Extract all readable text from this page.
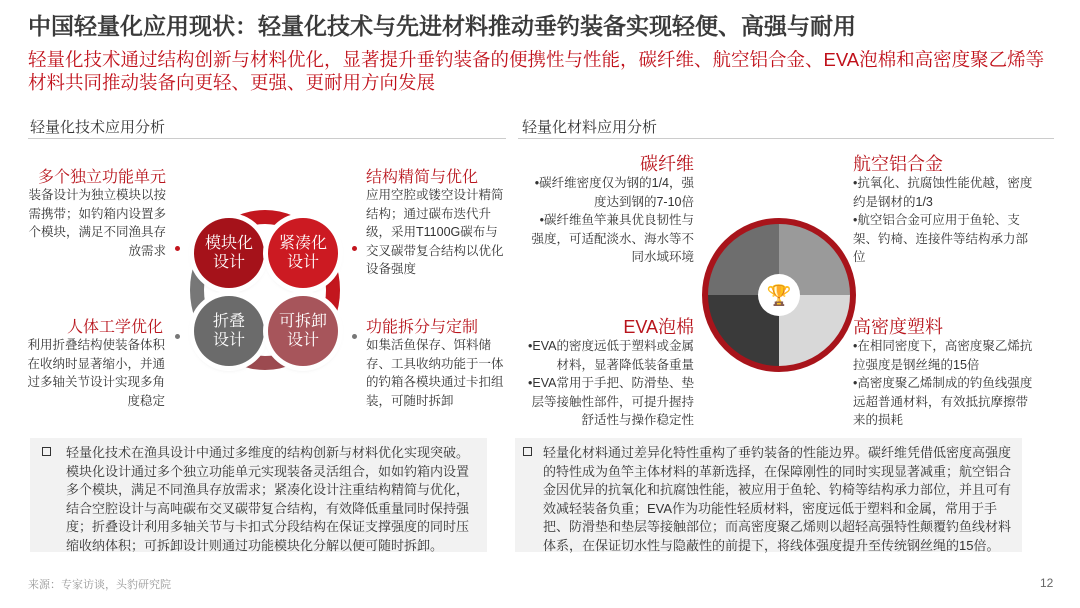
中国轻量化应用现状：轻量化技术与先进材料推动垂钓装备实现轻便、高强与耐用
轻量化技术通过结构创新与材料优化，显著提升垂钓装备的便携性与性能，碳纤维、航空铝合金、EVA泡棉和高密度聚乙烯等材料共同推动装备向更轻、更强、更耐用方向发展
轻量化技术应用分析	轻量化材料应用分析
模块化设计
紧凑化设计
折叠设计
可拆卸设计
多个独立功能单元
装备设计为独立模块以按需携带；如钓箱内设置多个模块，满足不同渔具存放需求
结构精简与优化
应用空腔或镂空设计精简结构；通过碳布迭代升级，采用T1100G碳布与交叉碳带复合结构以优化设备强度
人体工学优化
利用折叠结构使装备体积在收纳时显著缩小，并通过多轴关节设计实现多角度稳定
功能拆分与定制
如集活鱼保存、饵料储存、工具收纳功能于一体的钓箱各模块通过卡扣组装，可随时拆卸
🏆
碳纤维
•碳纤维密度仅为钢的1/4，强度达到钢的7-10倍
•碳纤维鱼竿兼具优良韧性与强度，可适配淡水、海水等不同水域环境
航空铝合金
•抗氧化、抗腐蚀性能优越，密度约是钢材的1/3
•航空铝合金可应用于鱼轮、支架、钓椅、连接件等结构承力部位
EVA泡棉
•EVA的密度远低于塑料或金属材料，显著降低装备重量
•EVA常用于手把、防滑垫、垫层等接触性部件，可提升握持舒适性与操作稳定性
高密度塑料
•在相同密度下，高密度聚乙烯抗拉强度是钢丝绳的15倍
•高密度聚乙烯制成的钓鱼线强度远超普通材料，有效抵抗摩擦带来的损耗
轻量化技术在渔具设计中通过多维度的结构创新与材料优化实现突破。模块化设计通过多个独立功能单元实现装备灵活组合，如如钓箱内设置多个模块，满足不同渔具存放需求；紧凑化设计注重结构精简与优化，结合空腔设计与高吨碳布交叉碳带复合结构，有效降低重量同时保持强度；折叠设计利用多轴关节与卡扣式分段结构在保证支撑强度的同时压缩收纳体积；可拆卸设计则通过功能模块化分解以便可随时拆卸。
轻量化材料通过差异化特性重构了垂钓装备的性能边界。碳纤维凭借低密度高强度的特性成为鱼竿主体材料的革新选择，在保障刚性的同时实现显著减重；航空铝合金因优异的抗氧化和抗腐蚀性能，被应用于鱼轮、钓椅等结构承力部位，并且可有效减轻装备负重；EVA作为功能性轻质材料，密度远低于塑料和金属，常用于手把、防滑垫和垫层等接触部位；而高密度聚乙烯则以超轻高强特性颠覆钓鱼线材料体系，在保证切水性与隐蔽性的前提下，将线体强度提升至传统钢丝绳的15倍。
来源：专家访谈，头豹研究院	12
